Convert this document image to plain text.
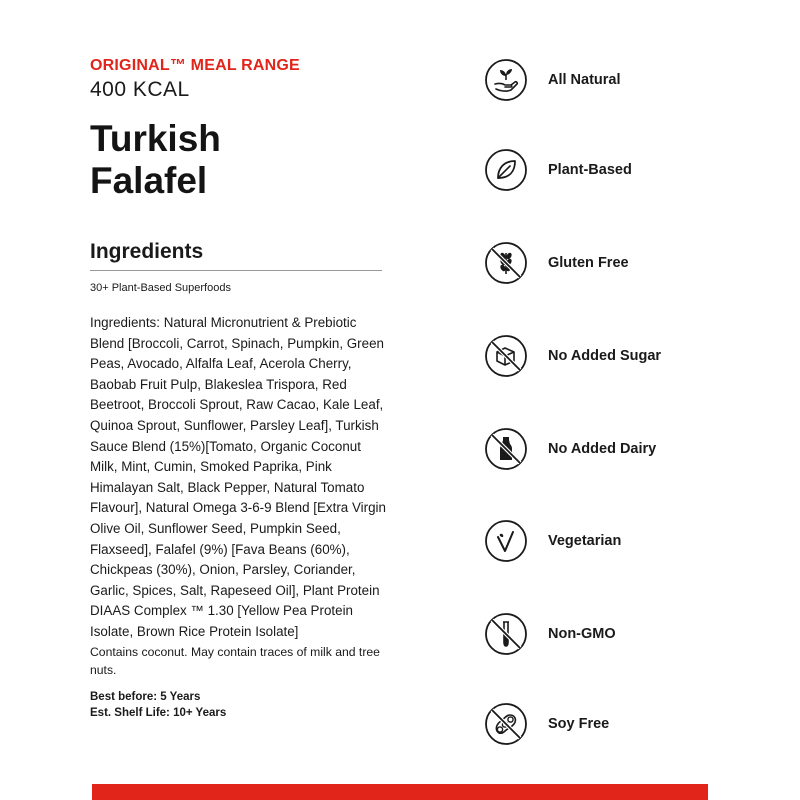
ORIGINAL™ MEAL RANGE

400 KCAL

Turkish
Falafel
Ingredients

30+ Plant-Based Superfoods

Ingredients: Natural Micronutrient & Prebiotic Blend [Broccoli, Carrot, Spinach, Pumpkin, Green Peas, Avocado, Alfalfa Leaf, Acerola Cherry, Baobab Fruit Pulp, Blakeslea Trispora, Red Beetroot, Broccoli Sprout, Raw Cacao, Kale Leaf, Quinoa Sprout, Sunflower, Parsley Leaf], Turkish Sauce Blend (15%)[Tomato, Organic Coconut Milk, Mint, Cumin, Smoked Paprika, Pink Himalayan Salt, Black Pepper, Natural Tomato Flavour], Natural Omega 3-6-9 Blend [Extra Virgin Olive Oil, Sunflower Seed, Pumpkin Seed, Flaxseed], Falafel (9%) [Fava Beans (60%), Chickpeas (30%), Onion, Parsley, Coriander, Garlic, Spices, Salt, Rapeseed Oil], Plant Protein DIAAS Complex ™ 1.30 [Yellow Pea Protein Isolate, Brown Rice Protein Isolate]

Contains coconut. May contain traces of milk and tree nuts.

Best before: 5 Years

Est. Shelf Life: 10+ Years

All Natural
Plant-Based
Gluten Free
No Added Sugar
No Added Dairy
Vegetarian
Non-GMO
Soy Free
